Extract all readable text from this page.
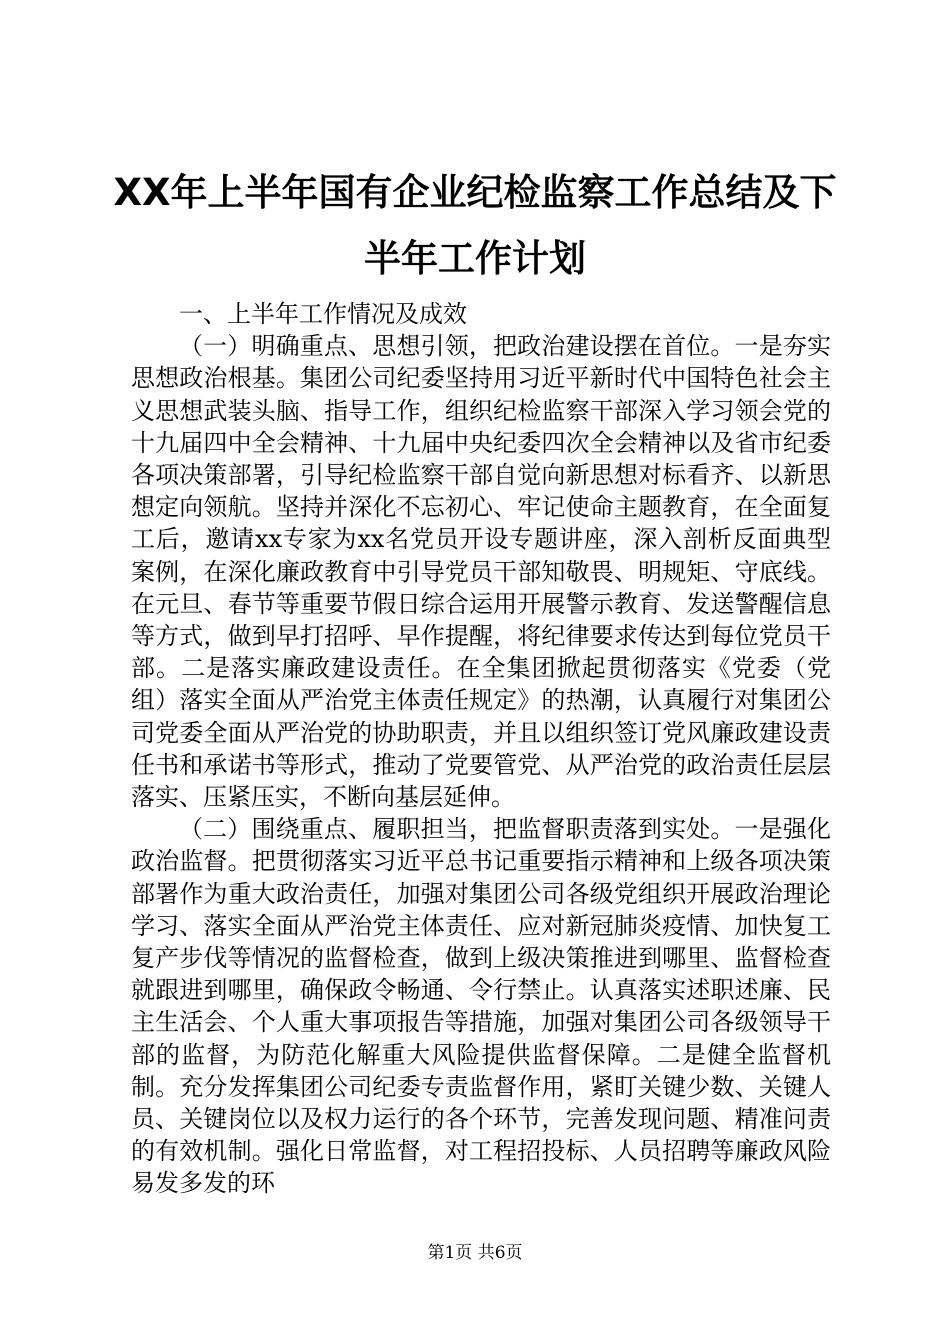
XX年上半年国有企业纪检监察工作总结及下半年工作计划

一、上半年工作情况及成效

（一）明确重点、思想引领，把政治建设摆在首位。一是夯实思想政治根基。集团公司纪委坚持用习近平新时代中国特色社会主义思想武装头脑、指导工作，组织纪检监察干部深入学习领会党的十九届四中全会精神、十九届中央纪委四次全会精神以及省市纪委各项决策部署，引导纪检监察干部自觉向新思想对标看齐、以新思想定向领航。坚持并深化不忘初心、牢记使命主题教育，在全面复工后，邀请xx专家为xx名党员开设专题讲座，深入剖析反面典型案例，在深化廉政教育中引导党员干部知敬畏、明规矩、守底线。在元旦、春节等重要节假日综合运用开展警示教育、发送警醒信息等方式，做到早打招呼、早作提醒，将纪律要求传达到每位党员干部。二是落实廉政建设责任。在全集团掀起贯彻落实《党委（党组）落实全面从严治党主体责任规定》的热潮，认真履行对集团公司党委全面从严治党的协助职责，并且以组织签订党风廉政建设责任书和承诺书等形式，推动了党要管党、从严治党的政治责任层层落实、压紧压实，不断向基层延伸。

（二）围绕重点、履职担当，把监督职责落到实处。一是强化政治监督。把贯彻落实习近平总书记重要指示精神和上级各项决策部署作为重大政治责任，加强对集团公司各级党组织开展政治理论学习、落实全面从严治党主体责任、应对新冠肺炎疫情、加快复工复产步伐等情况的监督检查，做到上级决策推进到哪里、监督检查就跟进到哪里，确保政令畅通、令行禁止。认真落实述职述廉、民主生活会、个人重大事项报告等措施，加强对集团公司各级领导干部的监督，为防范化解重大风险提供监督保障。二是健全监督机制。充分发挥集团公司纪委专责监督作用，紧盯关键少数、关键人员、关键岗位以及权力运行的各个环节，完善发现问题、精准问责的有效机制。强化日常监督，对工程招投标、人员招聘等廉政风险易发多发的环

第1页 共6页
